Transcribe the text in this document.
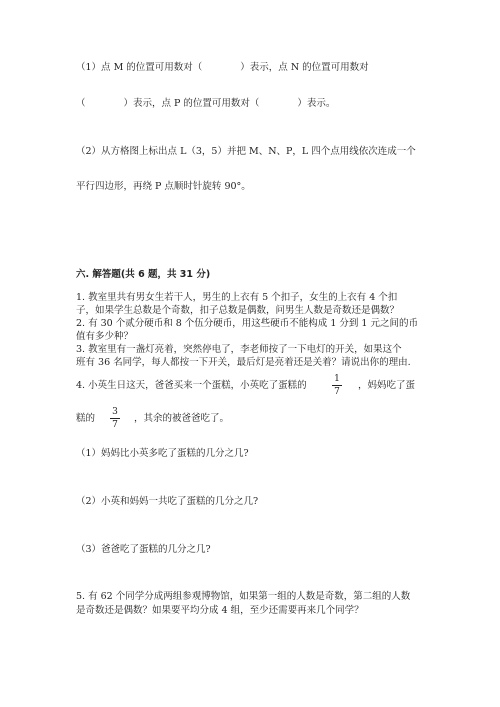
（1）点 M 的位置可用数对（　　　　）表示，点 N 的位置可用数对
（　　　　）表示，点 P 的位置可用数对（　　　　）表示。
（2）从方格图上标出点 L（3，5）并把 M、N、P，L 四个点用线依次连成一个
平行四边形，再绕 P 点顺时针旋转 90°。
六. 解答题(共 6 题，共 31 分)
1. 教室里共有男女生若干人，男生的上衣有 5 个扣子，女生的上衣有 4 个扣
子，如果学生总数是个奇数，扣子总数是偶数，问男生人数是奇数还是偶数？
2. 有 30 个贰分硬币和 8 个伍分硬币，用这些硬币不能构成 1 分到 1 元之间的币
值有多少种？
3. 教室里有一盏灯亮着，突然停电了，李老师按了一下电灯的开关，如果这个
班有 36 名同学，每人都按一下开关，最后灯是亮着还是关着？请说出你的理由.
4. 小英生日这天，爸爸买来一个蛋糕，小英吃了蛋糕的
1
7
，妈妈吃了蛋
糕的
3
7
，其余的被爸爸吃了。
（1）妈妈比小英多吃了蛋糕的几分之几?
（2）小英和妈妈一共吃了蛋糕的几分之几?
（3）爸爸吃了蛋糕的几分之几?
5. 有 62 个同学分成两组参观博物馆，如果第一组的人数是奇数，第二组的人数
是奇数还是偶数？如果要平均分成 4 组，至少还需要再来几个同学？
